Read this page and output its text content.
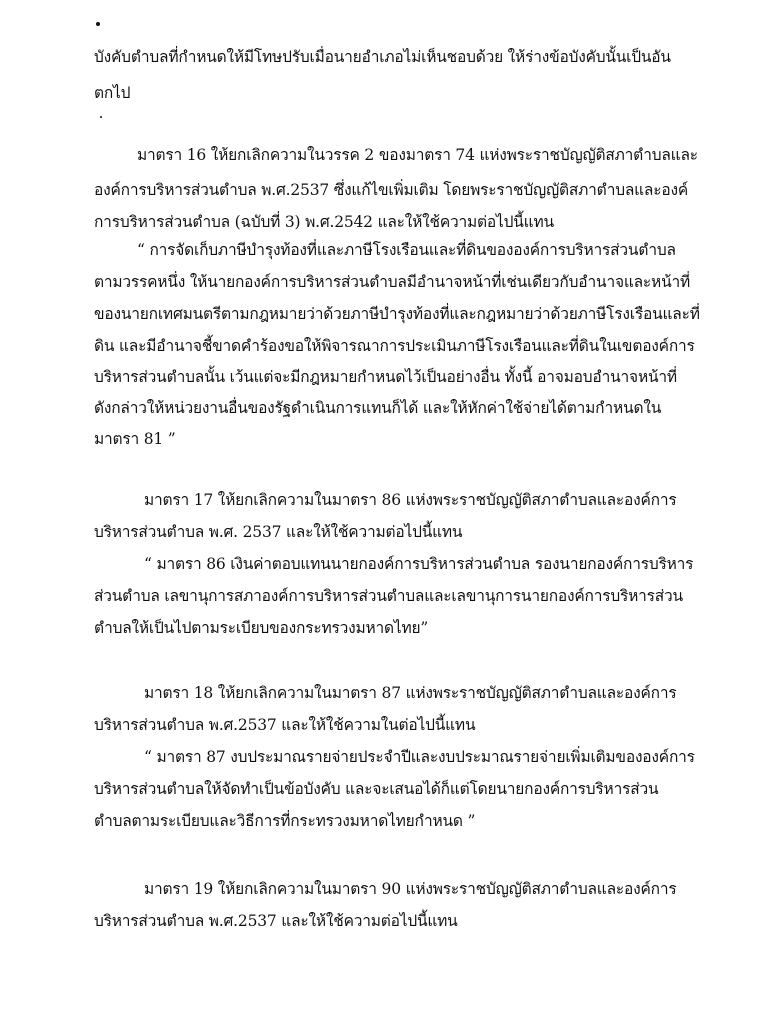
บังคับตำบลที่กำหนดให้มีโทษปรับเมื่อนายอำเภอไม่เห็นชอบด้วย ให้ร่างข้อบังคับนั้นเป็นอัน
ตกไป
มาตรา 16 ให้ยกเลิกความในวรรค 2 ของมาตรา 74 แห่งพระราชบัญญัติสภาตำบลและ
องค์การบริหารส่วนตำบล พ.ศ.2537 ซึ่งแก้ไขเพิ่มเติม โดยพระราชบัญญัติสภาตำบลและองค์
การบริหารส่วนตำบล (ฉบับที่ 3) พ.ศ.2542 และให้ใช้ความต่อไปนี้แทน
“ การจัดเก็บภาษีบำรุงท้องที่และภาษีโรงเรือนและที่ดินขององค์การบริหารส่วนตำบล
ตามวรรคหนึ่ง ให้นายกองค์การบริหารส่วนตำบลมีอำนาจหน้าที่เช่นเดียวกับอำนาจและหน้าที่
ของนายกเทศมนตรีตามกฎหมายว่าด้วยภาษีบำรุงท้องที่และกฎหมายว่าด้วยภาษีโรงเรือนและที่
ดิน และมีอำนาจชี้ขาดคำร้องขอให้พิจารณาการประเมินภาษีโรงเรือนและที่ดินในเขตองค์การ
บริหารส่วนตำบลนั้น เว้นแต่จะมีกฎหมายกำหนดไว้เป็นอย่างอื่น ทั้งนี้ อาจมอบอำนาจหน้าที่
ดังกล่าวให้หน่วยงานอื่นของรัฐดำเนินการแทนก็ได้ และให้หักค่าใช้จ่ายได้ตามกำหนดใน
มาตรา 81 ”
มาตรา 17 ให้ยกเลิกความในมาตรา 86 แห่งพระราชบัญญัติสภาตำบลและองค์การ
บริหารส่วนตำบล พ.ศ. 2537 และให้ใช้ความต่อไปนี้แทน
“ มาตรา 86 เงินค่าตอบแทนนายกองค์การบริหารส่วนตำบล รองนายกองค์การบริหาร
ส่วนตำบล เลขานุการสภาองค์การบริหารส่วนตำบลและเลขานุการนายกองค์การบริหารส่วน
ตำบลให้เป็นไปตามระเบียบของกระทรวงมหาดไทย”
มาตรา 18 ให้ยกเลิกความในมาตรา 87 แห่งพระราชบัญญัติสภาตำบลและองค์การ
บริหารส่วนตำบล พ.ศ.2537 และให้ใช้ความในต่อไปนี้แทน
“ มาตรา 87 งบประมาณรายจ่ายประจำปีและงบประมาณรายจ่ายเพิ่มเติมขององค์การ
บริหารส่วนตำบลให้จัดทำเป็นข้อบังคับ และจะเสนอได้ก็แต่โดยนายกองค์การบริหารส่วน
ตำบลตามระเบียบและวิธีการที่กระทรวงมหาดไทยกำหนด ”
มาตรา 19 ให้ยกเลิกความในมาตรา 90 แห่งพระราชบัญญัติสภาตำบลและองค์การ
บริหารส่วนตำบล พ.ศ.2537 และให้ใช้ความต่อไปนี้แทน
